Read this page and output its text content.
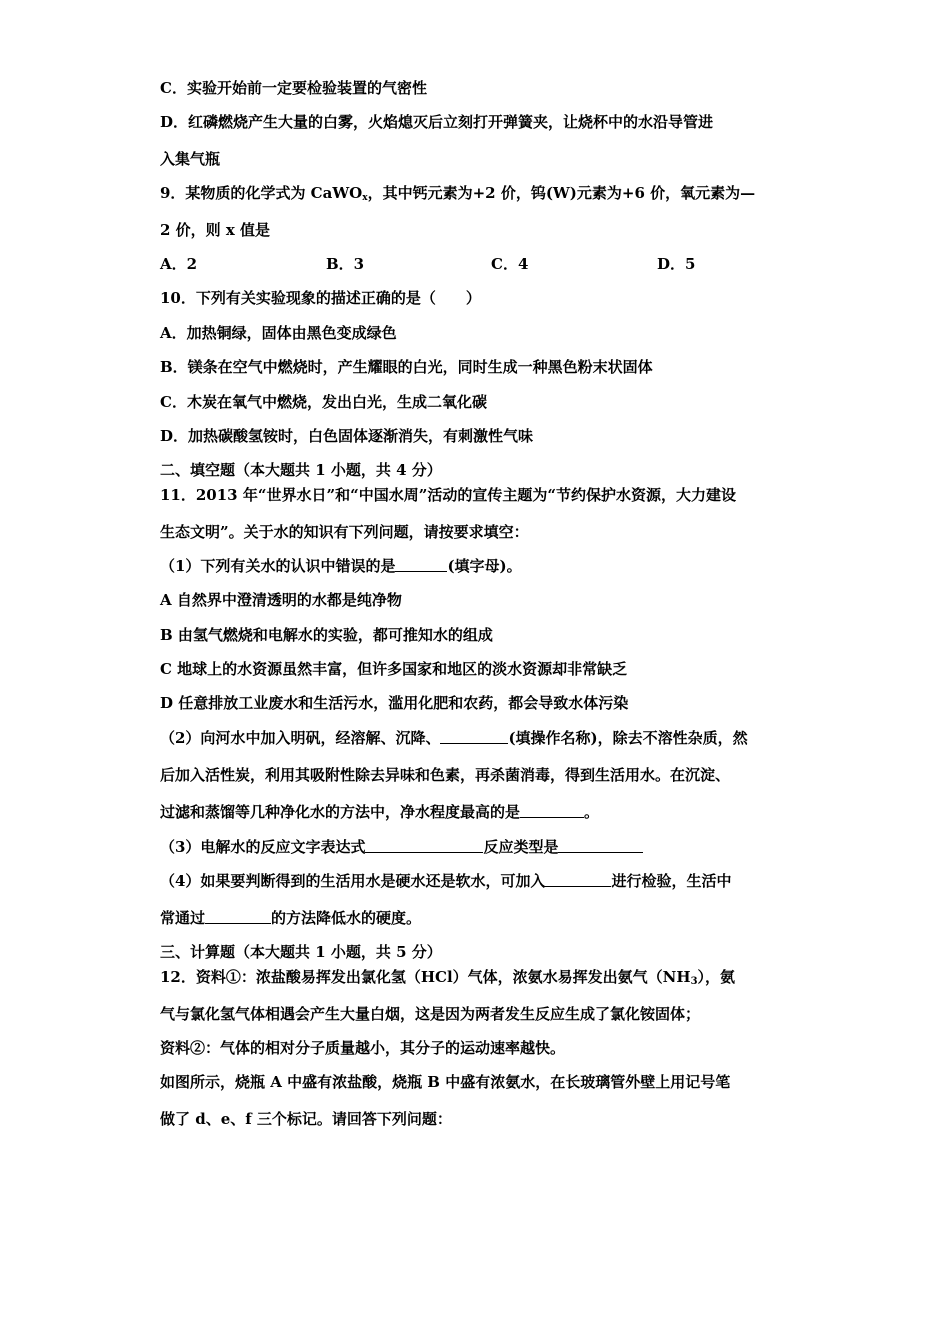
C．实验开始前一定要检验装置的气密性

D．红磷燃烧产生大量的白雾，火焰熄灭后立刻打开弹簧夹，让烧杯中的水沿导管进

入集气瓶

9．某物质的化学式为 CaWO$_x$，其中钙元素为+2 价，钨(W)元素为+6 价，氧元素为—

2 价，则 x 值是

A．2	B．3	C．4	D．5

10．下列有关实验现象的描述正确的是（　　）

A．加热铜绿，固体由黑色变成绿色

B．镁条在空气中燃烧时，产生耀眼的白光，同时生成一种黑色粉末状固体

C．木炭在氧气中燃烧，发出白光，生成二氧化碳

D．加热碳酸氢铵时，白色固体逐渐消失，有刺激性气味

二、填空题（本大题共 1 小题，共 4 分）

11．2013 年“世界水日”和“中国水周”活动的宣传主题为“节约保护水资源，大力建设

生态文明”。关于水的知识有下列问题，请按要求填空：

（1）下列有关水的认识中错误的是	(填字母)。

A 自然界中澄清透明的水都是纯净物

B 由氢气燃烧和电解水的实验，都可推知水的组成

C 地球上的水资源虽然丰富，但许多国家和地区的淡水资源却非常缺乏

D 任意排放工业废水和生活污水，滥用化肥和农药，都会导致水体污染

（2）向河水中加入明矾，经溶解、沉降、	(填操作名称)，除去不溶性杂质，然

后加入活性炭，利用其吸附性除去异味和色素，再杀菌消毒，得到生活用水。在沉淀、

过滤和蒸馏等几种净化水的方法中，净水程度最高的是	。

（3）电解水的反应文字表达式	反应类型是

（4）如果要判断得到的生活用水是硬水还是软水，可加入	进行检验，生活中

常通过	的方法降低水的硬度。

三、计算题（本大题共 1 小题，共 5 分）

12．资料①：浓盐酸易挥发出氯化氢（HCl）气体，浓氨水易挥发出氨气（NH3），氨

气与氯化氢气体相遇会产生大量白烟，这是因为两者发生反应生成了氯化铵固体；

资料②：气体的相对分子质量越小，其分子的运动速率越快。

如图所示，烧瓶 A 中盛有浓盐酸，烧瓶 B 中盛有浓氨水，在长玻璃管外壁上用记号笔

做了 d、e、f 三个标记。请回答下列问题：
